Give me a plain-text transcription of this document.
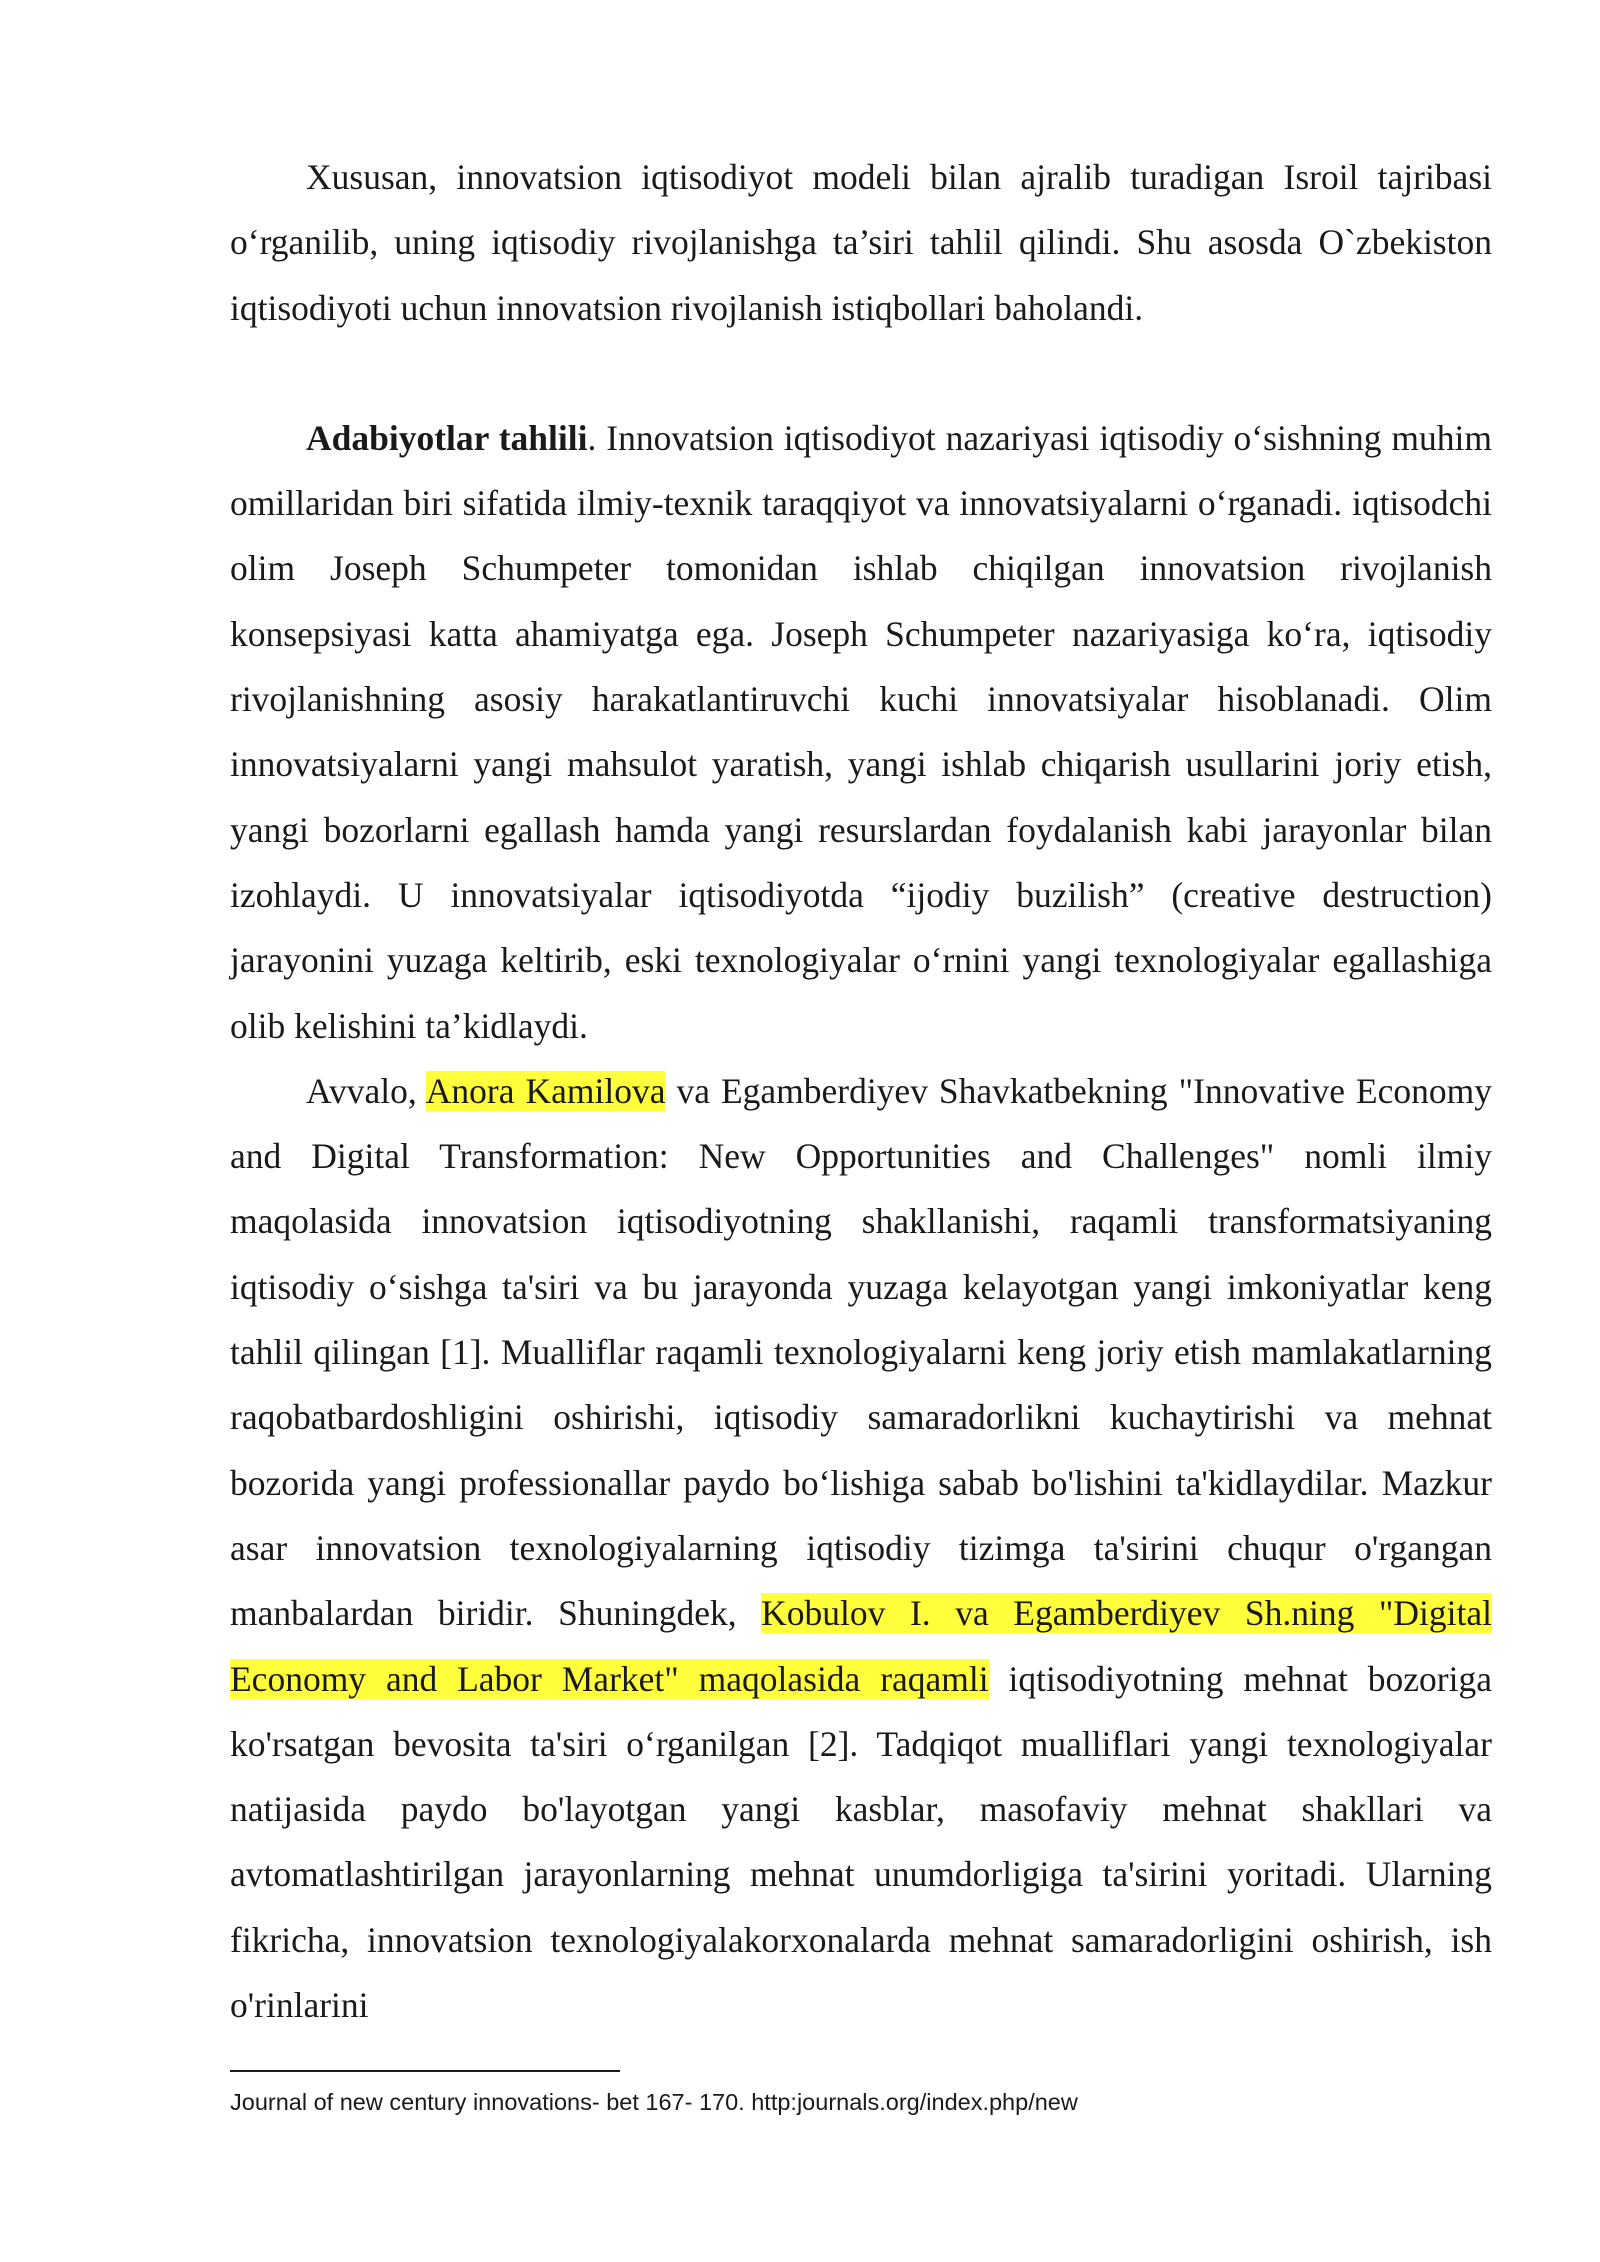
Xususan, innovatsion iqtisodiyot modeli bilan ajralib turadigan Isroil tajribasi o‘rganilib, uning iqtisodiy rivojlanishga ta’siri tahlil qilindi. Shu asosda O`zbekiston iqtisodiyoti uchun innovatsion rivojlanish istiqbollari baholandi.

Adabiyotlar tahlili. Innovatsion iqtisodiyot nazariyasi iqtisodiy o‘sishning muhim omillaridan biri sifatida ilmiy-texnik taraqqiyot va innovatsiyalarni o‘rganadi. iqtisodchi olim Joseph Schumpeter tomonidan ishlab chiqilgan innovatsion rivojlanish konsepsiyasi katta ahamiyatga ega. Joseph Schumpeter nazariyasiga ko‘ra, iqtisodiy rivojlanishning asosiy harakatlantiruvchi kuchi innovatsiyalar hisoblanadi. Olim innovatsiyalarni yangi mahsulot yaratish, yangi ishlab chiqarish usullarini joriy etish, yangi bozorlarni egallash hamda yangi resurslardan foydalanish kabi jarayonlar bilan izohlaydi. U innovatsiyalar iqtisodiyotda “ijodiy buzilish” (creative destruction) jarayonini yuzaga keltirib, eski texnologiyalar o‘rnini yangi texnologiyalar egallashiga olib kelishini ta’kidlaydi.

Avvalo, Anora Kamilova va Egamberdiyev Shavkatbekning "Innovative Economy and Digital Transformation: New Opportunities and Challenges" nomli ilmiy maqolasida innovatsion iqtisodiyotning shakllanishi, raqamli transformatsiyaning iqtisodiy o‘sishga ta'siri va bu jarayonda yuzaga kelayotgan yangi imkoniyatlar keng tahlil qilingan [1]. Mualliflar raqamli texnologiyalarni keng joriy etish mamlakatlarning raqobatbardoshligini oshirishi, iqtisodiy samaradorlikni kuchaytirishi va mehnat bozorida yangi professionallar paydo bo‘lishiga sabab bo'lishini ta'kidlaydilar. Mazkur asar innovatsion texnologiyalarning iqtisodiy tizimga ta'sirini chuqur o'rgangan manbalardan biridir. Shuningdek, Kobulov I. va Egamberdiyev Sh.ning "Digital Economy and Labor Market" maqolasida raqamli iqtisodiyotning mehnat bozoriga ko'rsatgan bevosita ta'siri o‘rganilgan [2]. Tadqiqot mualliflari yangi texnologiyalar natijasida paydo bo'layotgan yangi kasblar, masofaviy mehnat shakllari va avtomatlashtirilgan jarayonlarning mehnat unumdorligiga ta'sirini yoritadi. Ularning fikricha, innovatsion texnologiyalakorxonalarda mehnat samaradorligini oshirish, ish o'rinlarini

Journal of new century innovations- bet 167- 170. http:journals.org/index.php/new
